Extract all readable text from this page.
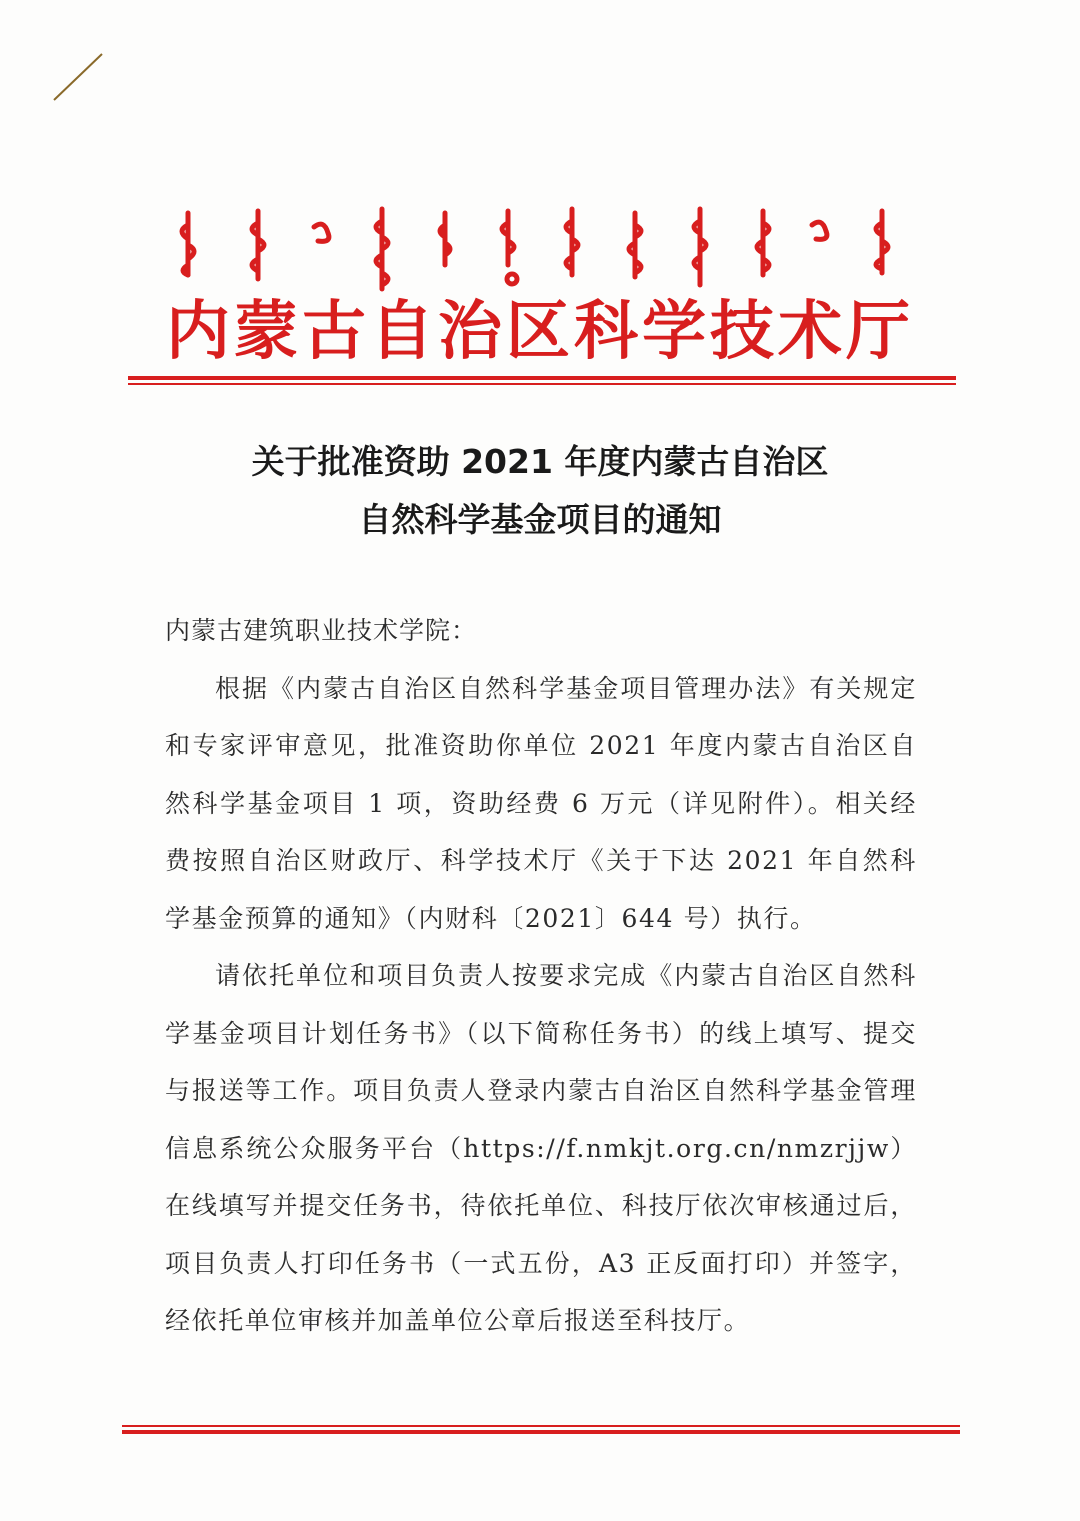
内蒙古自治区科学技术厅
关于批准资助 2021 年度内蒙古自治区
自然科学基金项目的通知

内蒙古建筑职业技术学院：

根据《内蒙古自治区自然科学基金项目管理办法》有关规定和专家评审意见，批准资助你单位 2021 年度内蒙古自治区自然科学基金项目 1 项，资助经费 6 万元（详见附件）。相关经费按照自治区财政厅、科学技术厅《关于下达 2021 年自然科学基金预算的通知》（内财科〔2021〕644 号）执行。

请依托单位和项目负责人按要求完成《内蒙古自治区自然科学基金项目计划任务书》（以下简称任务书）的线上填写、提交与报送等工作。项目负责人登录内蒙古自治区自然科学基金管理信息系统公众服务平台（https://f.nmkjt.org.cn/nmzrjjw）在线填写并提交任务书，待依托单位、科技厅依次审核通过后，项目负责人打印任务书（一式五份，A3 正反面打印）并签字，经依托单位审核并加盖单位公章后报送至科技厅。
